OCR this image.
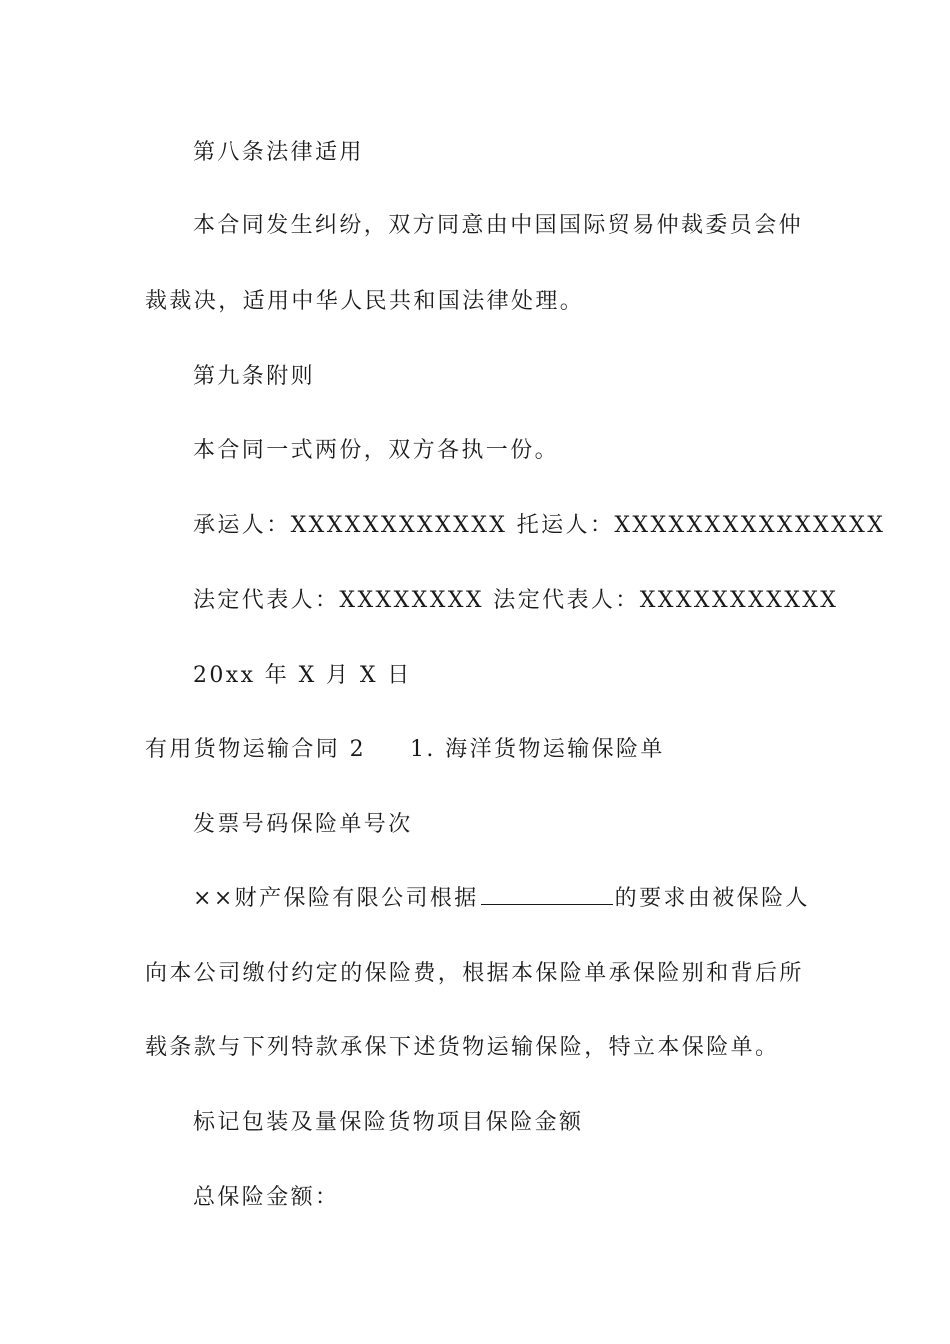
第八条法律适用
本合同发生纠纷，双方同意由中国国际贸易仲裁委员会仲
裁裁决，适用中华人民共和国法律处理。
第九条附则
本合同一式两份，双方各执一份。
承运人：XXXXXXXXXXXX 托运人：XXXXXXXXXXXXXXX
法定代表人：XXXXXXXX 法定代表人：XXXXXXXXXXX
20xx 年 X 月 X 日
有用货物运输合同 2 1. 海洋货物运输保险单
发票号码保险单号次
××财产保险有限公司根据	的要求由被保险人
向本公司缴付约定的保险费，根据本保险单承保险别和背后所
载条款与下列特款承保下述货物运输保险，特立本保险单。
标记包装及量保险货物项目保险金额
总保险金额：
